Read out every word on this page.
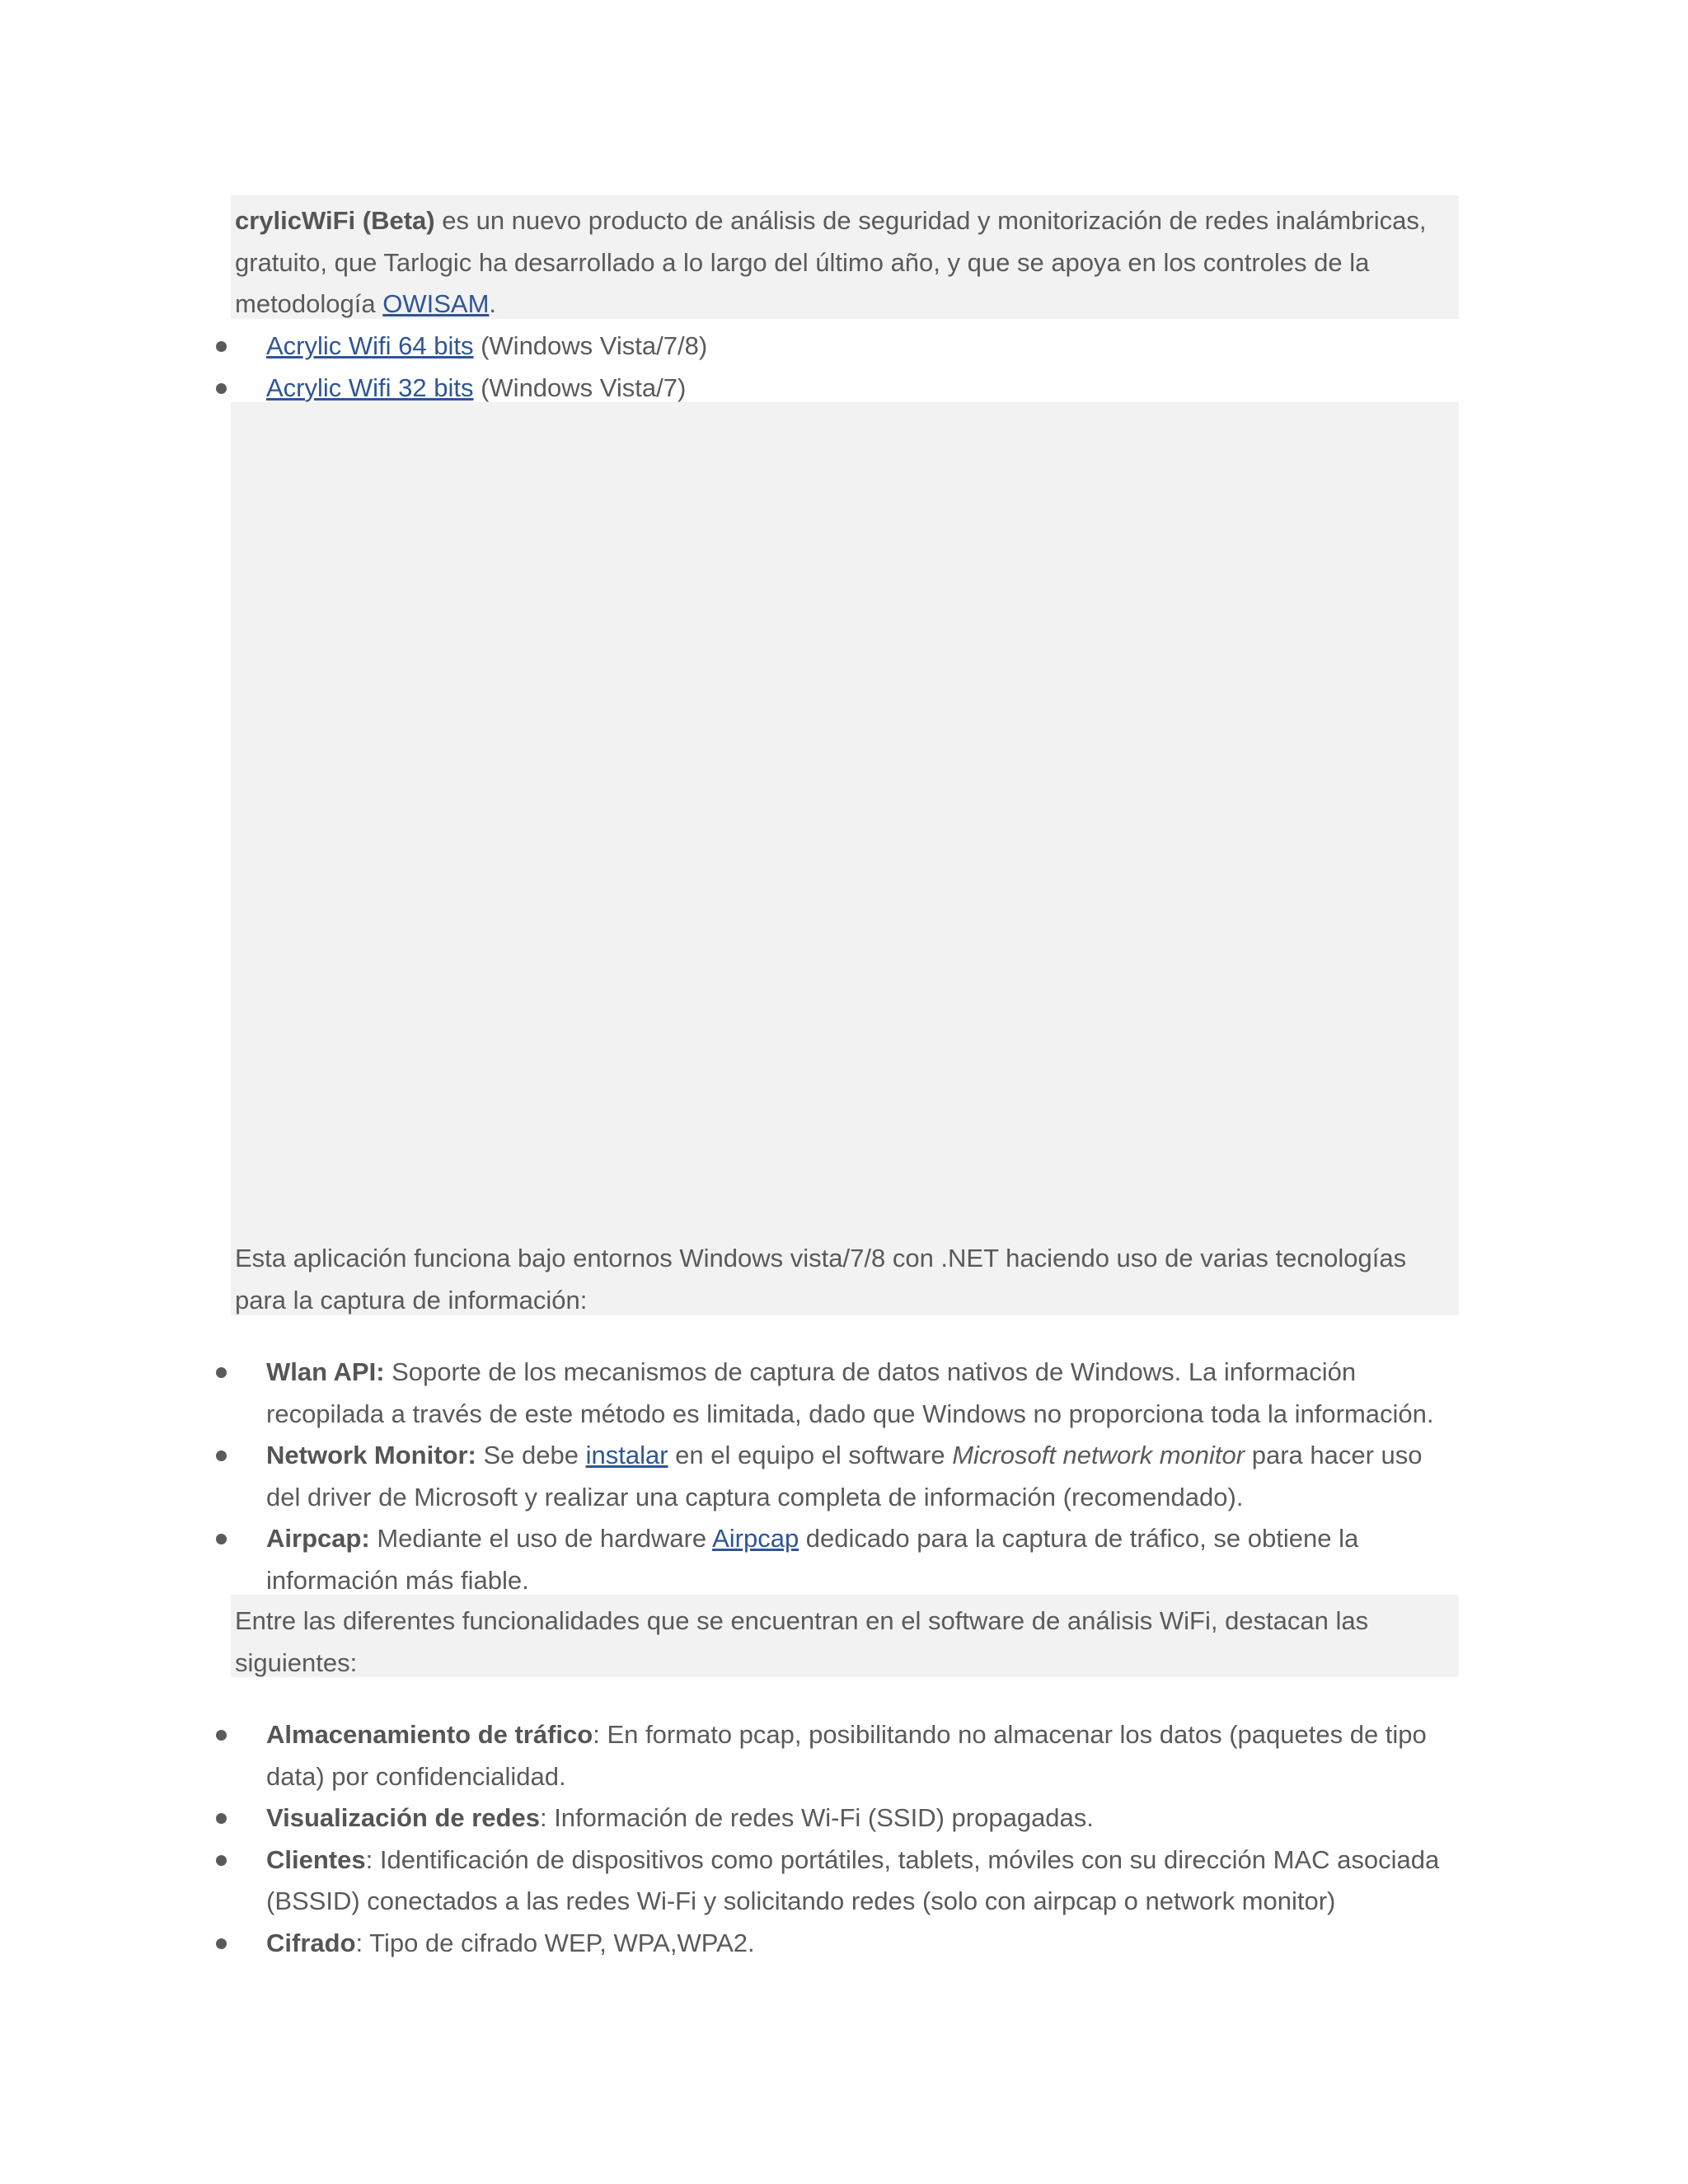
crylicWiFi (Beta) es un nuevo producto de análisis de seguridad y monitorización de redes inalámbricas, gratuito, que Tarlogic ha desarrollado a lo largo del último año, y que se apoya en los controles de la metodología OWISAM.

Acrylic Wifi 64 bits (Windows Vista/7/8)
Acrylic Wifi 32 bits (Windows Vista/7)

Esta aplicación funciona bajo entornos Windows vista/7/8 con .NET haciendo uso de varias tecnologías para la captura de información:

Wlan API: Soporte de los mecanismos de captura de datos nativos de Windows. La información recopilada a través de este método es limitada, dado que Windows no proporciona toda la información.
Network Monitor: Se debe instalar en el equipo el software Microsoft network monitor para hacer uso del driver de Microsoft y realizar una captura completa de información (recomendado).
Airpcap: Mediante el uso de hardware Airpcap dedicado para la captura de tráfico, se obtiene la información más fiable.

Entre las diferentes funcionalidades que se encuentran en el software de análisis WiFi, destacan las siguientes:

Almacenamiento de tráfico: En formato pcap, posibilitando no almacenar los datos (paquetes de tipo data) por confidencialidad.
Visualización de redes: Información de redes Wi-Fi (SSID) propagadas.
Clientes: Identificación de dispositivos como portátiles, tablets, móviles con su dirección MAC asociada (BSSID) conectados a las redes Wi-Fi y solicitando redes (solo con airpcap o network monitor)
Cifrado: Tipo de cifrado WEP, WPA,WPA2.
